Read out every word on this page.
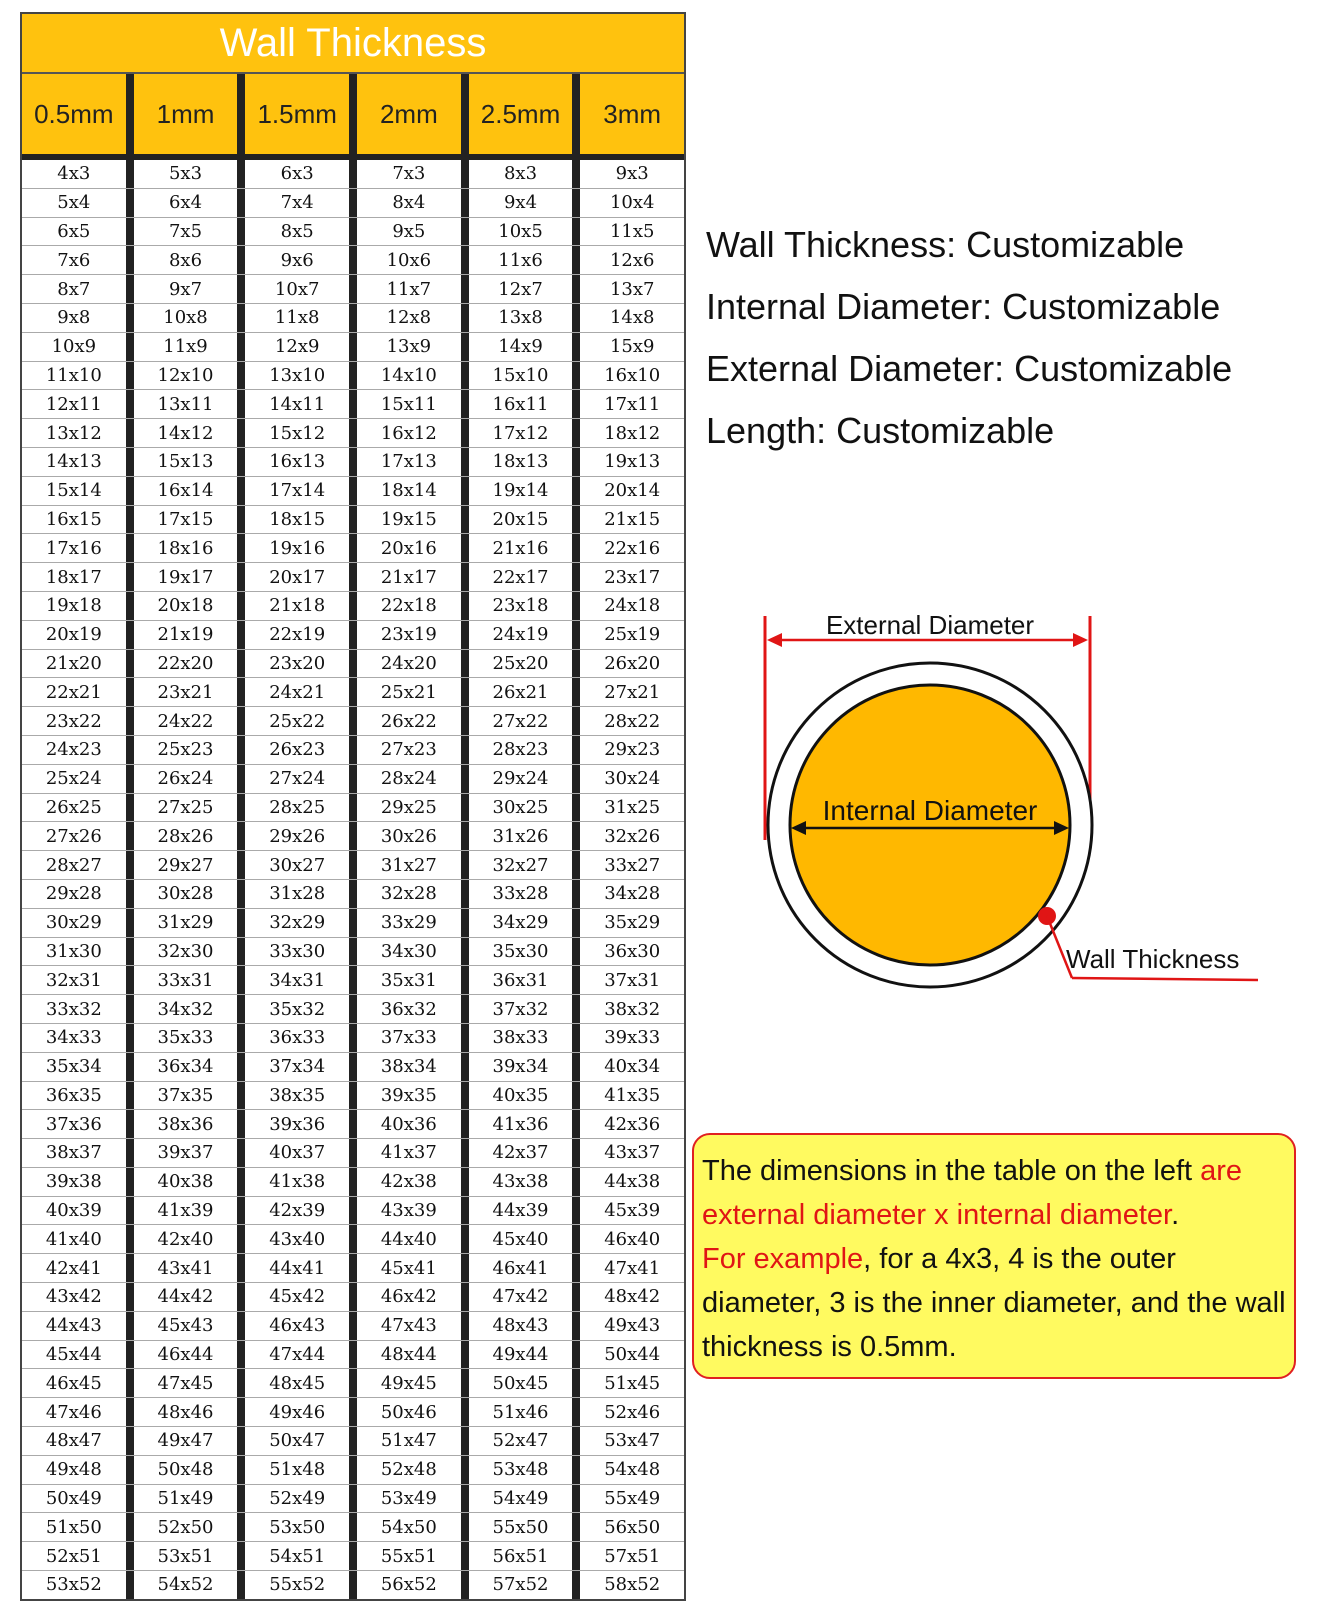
Wall Thickness
0.5mm	1mm	1.5mm	2mm	2.5mm	3mm
4x3	5x3	6x3	7x3	8x3	9x3
5x4	6x4	7x4	8x4	9x4	10x4
6x5	7x5	8x5	9x5	10x5	11x5
7x6	8x6	9x6	10x6	11x6	12x6
8x7	9x7	10x7	11x7	12x7	13x7
9x8	10x8	11x8	12x8	13x8	14x8
10x9	11x9	12x9	13x9	14x9	15x9
11x10	12x10	13x10	14x10	15x10	16x10
12x11	13x11	14x11	15x11	16x11	17x11
13x12	14x12	15x12	16x12	17x12	18x12
14x13	15x13	16x13	17x13	18x13	19x13
15x14	16x14	17x14	18x14	19x14	20x14
16x15	17x15	18x15	19x15	20x15	21x15
17x16	18x16	19x16	20x16	21x16	22x16
18x17	19x17	20x17	21x17	22x17	23x17
19x18	20x18	21x18	22x18	23x18	24x18
20x19	21x19	22x19	23x19	24x19	25x19
21x20	22x20	23x20	24x20	25x20	26x20
22x21	23x21	24x21	25x21	26x21	27x21
23x22	24x22	25x22	26x22	27x22	28x22
24x23	25x23	26x23	27x23	28x23	29x23
25x24	26x24	27x24	28x24	29x24	30x24
26x25	27x25	28x25	29x25	30x25	31x25
27x26	28x26	29x26	30x26	31x26	32x26
28x27	29x27	30x27	31x27	32x27	33x27
29x28	30x28	31x28	32x28	33x28	34x28
30x29	31x29	32x29	33x29	34x29	35x29
31x30	32x30	33x30	34x30	35x30	36x30
32x31	33x31	34x31	35x31	36x31	37x31
33x32	34x32	35x32	36x32	37x32	38x32
34x33	35x33	36x33	37x33	38x33	39x33
35x34	36x34	37x34	38x34	39x34	40x34
36x35	37x35	38x35	39x35	40x35	41x35
37x36	38x36	39x36	40x36	41x36	42x36
38x37	39x37	40x37	41x37	42x37	43x37
39x38	40x38	41x38	42x38	43x38	44x38
40x39	41x39	42x39	43x39	44x39	45x39
41x40	42x40	43x40	44x40	45x40	46x40
42x41	43x41	44x41	45x41	46x41	47x41
43x42	44x42	45x42	46x42	47x42	48x42
44x43	45x43	46x43	47x43	48x43	49x43
45x44	46x44	47x44	48x44	49x44	50x44
46x45	47x45	48x45	49x45	50x45	51x45
47x46	48x46	49x46	50x46	51x46	52x46
48x47	49x47	50x47	51x47	52x47	53x47
49x48	50x48	51x48	52x48	53x48	54x48
50x49	51x49	52x49	53x49	54x49	55x49
51x50	52x50	53x50	54x50	55x50	56x50
52x51	53x51	54x51	55x51	56x51	57x51
53x52	54x52	55x52	56x52	57x52	58x52
Wall Thickness: Customizable
Internal Diameter: Customizable
External Diameter: Customizable
Length: Customizable
External Diameter
Internal Diameter
Wall Thickness
The dimensions in the table on the left are external diameter x internal diameter.
For example, for a 4x3, 4 is the outer diameter, 3 is the inner diameter, and the wall thickness is 0.5mm.
